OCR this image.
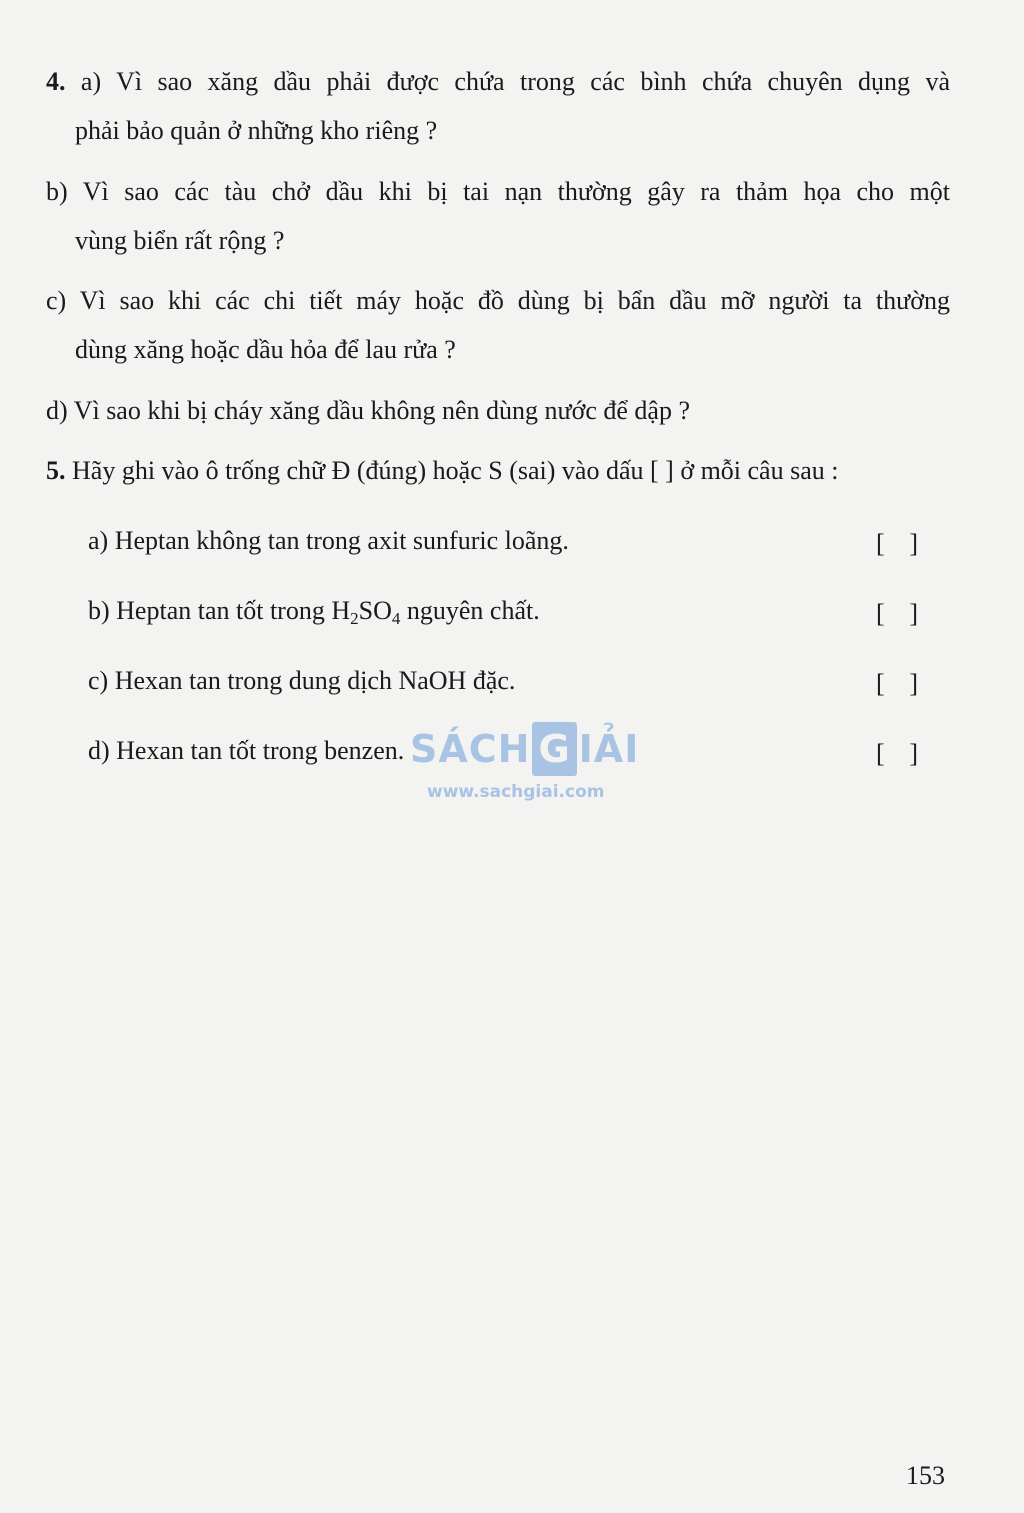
4. a) Vì sao xăng dầu phải được chứa trong các bình chứa chuyên dụng và
phải bảo quản ở những kho riêng ?
b) Vì sao các tàu chở dầu khi bị tai nạn thường gây ra thảm họa cho một
vùng biển rất rộng ?
c) Vì sao khi các chi tiết máy hoặc đồ dùng bị bẩn dầu mỡ người ta thường
dùng xăng hoặc dầu hỏa để lau rửa ?
d) Vì sao khi bị cháy xăng dầu không nên dùng nước để dập ?
5. Hãy ghi vào ô trống chữ Đ (đúng) hoặc S (sai) vào dấu [ ] ở mỗi câu sau :
a) Heptan không tan trong axit sunfuric loãng.	[ ]
b) Heptan tan tốt trong $H_2SO_4$ nguyên chất.	[ ]
c) Hexan tan trong dung dịch NaOH đặc.	[ ]
d) Hexan tan tốt trong benzen.	[ ]
SÁCH G IẢI
www.sachgiai.com
153
